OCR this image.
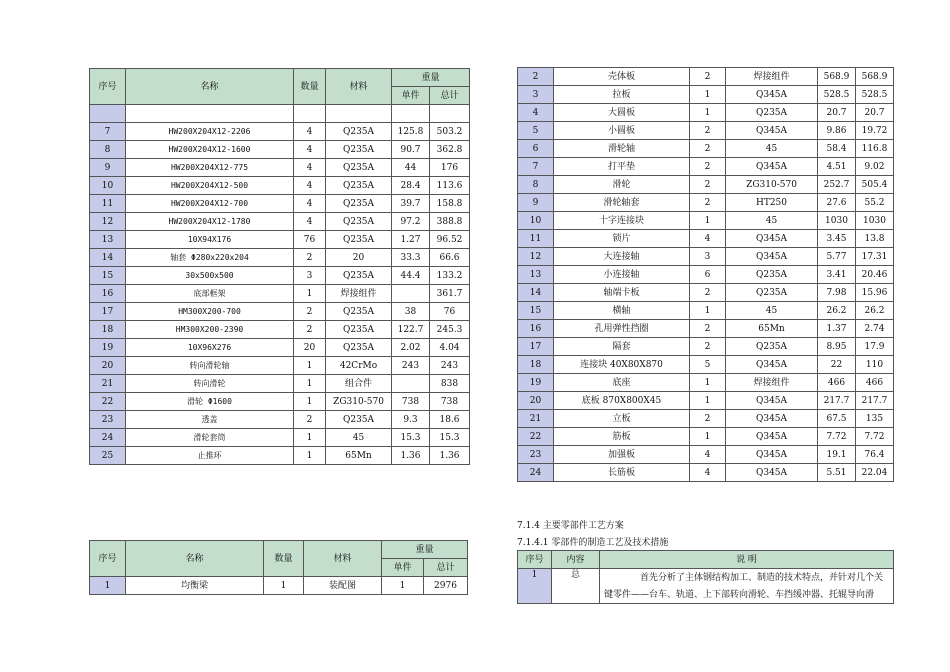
序号	名称	数量	材料	重量	
				单件	总计

7	HW200X204X12-2206	4	Q235A	125.8	503.2
8	HW200X204X12-1600	4	Q235A	90.7	362.8
9	HW200X204X12-775	4	Q235A	44	176
10	HW200X204X12-500	4	Q235A	28.4	113.6
11	HW200X204X12-700	4	Q235A	39.7	158.8
12	HW200X204X12-1780	4	Q235A	97.2	388.8
13	10X94X176	76	Q235A	1.27	96.52
14	轴套 Φ280x220x204	2	20	33.3	66.6
15	30x500x500	3	Q235A	44.4	133.2
16	底部框架	1	焊接组件		361.7
17	HM300X200-700	2	Q235A	38	76
18	HM300X200-2390	2	Q235A	122.7	245.3
19	10X96X276	20	Q235A	2.02	4.04
20	转向滑轮轴	1	42CrMo	243	243
21	转向滑轮	1	组合件		838
22	滑轮 Φ1600	1	ZG310-570	738	738
23	透盖	2	Q235A	9.3	18.6
24	滑轮套筒	1	45	15.3	15.3
25	止推环	1	65Mn	1.36	1.36
序号	名称	数量	材料	重量	
				单件	总计
1	均衡梁	1	装配图	1	2976
2	壳体板	2	焊接组件	568.9	568.9
3	拉板	1	Q345A	528.5	528.5
4	大圆板	1	Q235A	20.7	20.7
5	小圆板	2	Q345A	9.86	19.72
6	滑轮轴	2	45	58.4	116.8
7	打平垫	2	Q345A	4.51	9.02
8	滑轮	2	ZG310-570	252.7	505.4
9	滑轮轴套	2	HT250	27.6	55.2
10	十字连接块	1	45	1030	1030
11	锁片	4	Q345A	3.45	13.8
12	大连接轴	3	Q345A	5.77	17.31
13	小连接轴	6	Q235A	3.41	20.46
14	轴端卡板	2	Q235A	7.98	15.96
15	横轴	1	45	26.2	26.2
16	孔用弹性挡圈	2	65Mn	1.37	2.74
17	隔套	2	Q235A	8.95	17.9
18	连接块 40X80X870	5	Q345A	22	110
19	底座	1	焊接组件	466	466
20	底板 870X800X45	1	Q345A	217.7	217.7
21	立板	2	Q345A	67.5	135
22	筋板	1	Q345A	7.72	7.72
23	加强板	4	Q345A	19.1	76.4
24	长筋板	4	Q345A	5.51	22.04
7.1.4 主要零部件工艺方案
7.1.4.1 零部件的制造工艺及技术措施
序号	内容	说 明
1	总	首先分析了主体钢结构加工、制造的技术特点，并针对几个关
		键零件——台车、轨道、上下部转向滑轮、车挡缓冲器、托辊导向滑
